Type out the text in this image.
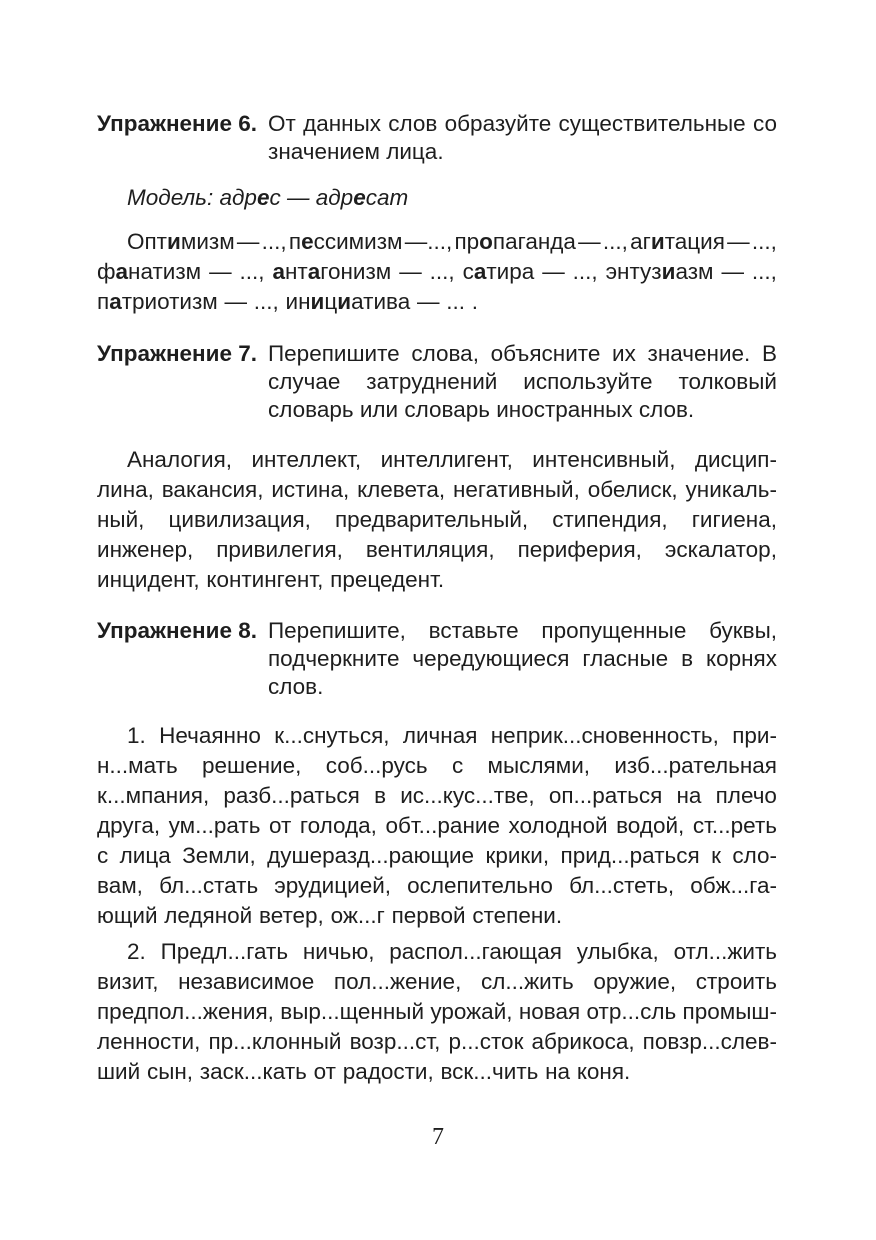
Упражнение 6. От данных слов образуйте существительные со значением лица.
Модель: адрес — адресат
Оптимизм — ..., пессимизм —..., пропаганда — ..., агитация — ...,
фанатизм — ..., антагонизм — ..., сатира — ..., энтузиазм — ...,
патриотизм — ..., инициатива — ... .
Упражнение 7. Перепишите слова, объясните их значение. В случае затруднений используйте толковый словарь или словарь иностранных слов.
Аналогия, интеллект, интеллигент, интенсивный, дисцип-
лина, вакансия, истина, клевета, негативный, обелиск, уникаль-
ный, цивилизация, предварительный, стипендия, гигиена,
инженер, привилегия, вентиляция, периферия, эскалатор,
инцидент, контингент, прецедент.
Упражнение 8. Перепишите, вставьте пропущенные буквы, подчеркните чередующиеся гласные в корнях слов.
1. Нечаянно к...снуться, личная неприк...сновенность, при-
н...мать решение, соб...русь с мыслями, изб...рательная
к...мпания, разб...раться в ис...кус...тве, оп...раться на плечо
друга, ум...рать от голода, обт...рание холодной водой, ст...реть
с лица Земли, душеразд...рающие крики, прид...раться к сло-
вам, бл...стать эрудицией, ослепительно бл...стеть, обж...га-
ющий ледяной ветер, ож...г первой степени.
2. Предл...гать ничью, распол...гающая улыбка, отл...жить
визит, независимое пол...жение, сл...жить оружие, строить
предпол...жения, выр...щенный урожай, новая отр...сль промыш-
ленности, пр...клонный возр...ст, р...сток абрикоса, повзр...слев-
ший сын, заск...кать от радости, вск...чить на коня.
7
